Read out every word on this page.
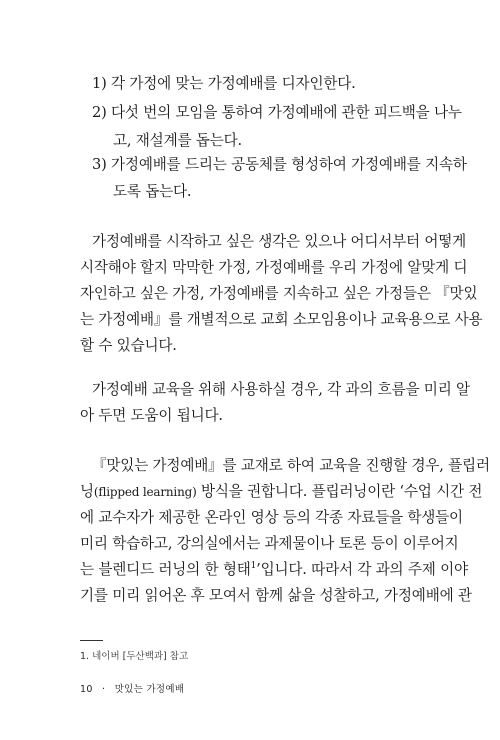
1) 각 가정에 맞는 가정예배를 디자인한다.
2) 다섯 번의 모임을 통하여 가정예배에 관한 피드백을 나누
고, 재설계를 돕는다.
3) 가정예배를 드리는 공동체를 형성하여 가정예배를 지속하
도록 돕는다.
가정예배를 시작하고 싶은 생각은 있으나 어디서부터 어떻게
시작해야 할지 막막한 가정, 가정예배를 우리 가정에 알맞게 디
자인하고 싶은 가정, 가정예배를 지속하고 싶은 가정들은 『맛있
는 가정예배』를 개별적으로 교회 소모임용이나 교육용으로 사용
할 수 있습니다.
가정예배 교육을 위해 사용하실 경우, 각 과의 흐름을 미리 알
아 두면 도움이 됩니다.
『맛있는 가정예배』를 교재로 하여 교육을 진행할 경우, 플립러
닝(flipped learning) 방식을 권합니다. 플립러닝이란 ‘수업 시간 전
에 교수자가 제공한 온라인 영상 등의 각종 자료들을 학생들이
미리 학습하고, 강의실에서는 과제물이나 토론 등이 이루어지
는 블렌디드 러닝의 한 형태$^1$’입니다. 따라서 각 과의 주제 이야
기를 미리 읽어온 후 모여서 함께 삶을 성찰하고, 가정예배에 관
1. 네이버 [두산백과] 참고
10 · 맛있는 가정예배
